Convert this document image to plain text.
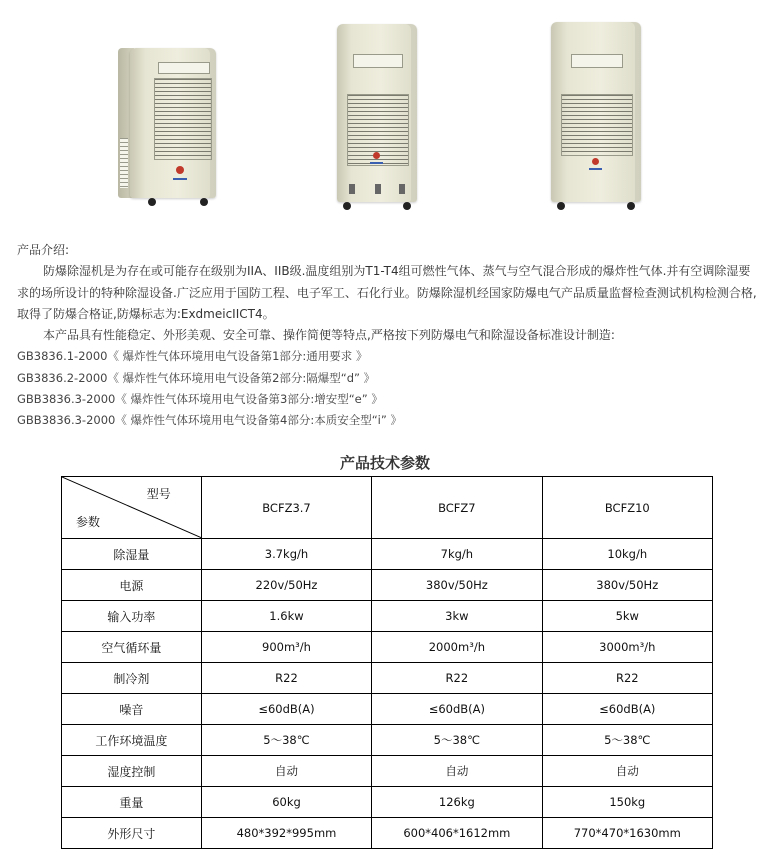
产品介绍:

防爆除湿机是为存在或可能存在级别为IIA、IIB级.温度组别为T1-T4组可燃性气体、蒸气与空气混合形成的爆炸性气体.并有空调除湿要求的场所设计的特种除湿设备.广泛应用于国防工程、电子军工、石化行业。防爆除湿机经国家防爆电气产品质量监督检查测试机构检测合格,取得了防爆合格证,防爆标志为:ExdmeicIICT4。

本产品具有性能稳定、外形美观、安全可靠、操作简便等特点,严格按下列防爆电气和除湿设备标准设计制造:

GB3836.1-2000《 爆炸性气体环境用电气设备第1部分:通用要求 》

GB3836.2-2000《 爆炸性气体环境用电气设备第2部分:隔爆型“d” 》

GBB3836.3-2000《 爆炸性气体环境用电气设备第3部分:增安型“e” 》

GBB3836.3-2000《 爆炸性气体环境用电气设备第4部分:本质安全型“i” 》

产品技术参数
型号
参数	BCFZ3.7	BCFZ7	BCFZ10
除湿量	3.7kg/h	7kg/h	10kg/h
电源	220v/50Hz	380v/50Hz	380v/50Hz
输入功率	1.6kw	3kw	5kw
空气循环量	900m³/h	2000m³/h	3000m³/h
制冷剂	R22	R22	R22
噪音	≤60dB(A)	≤60dB(A)	≤60dB(A)
工作环境温度	5～38℃	5～38℃	5～38℃
湿度控制	自动	自动	自动
重量	60kg	126kg	150kg
外形尺寸	480*392*995mm	600*406*1612mm	770*470*1630mm
